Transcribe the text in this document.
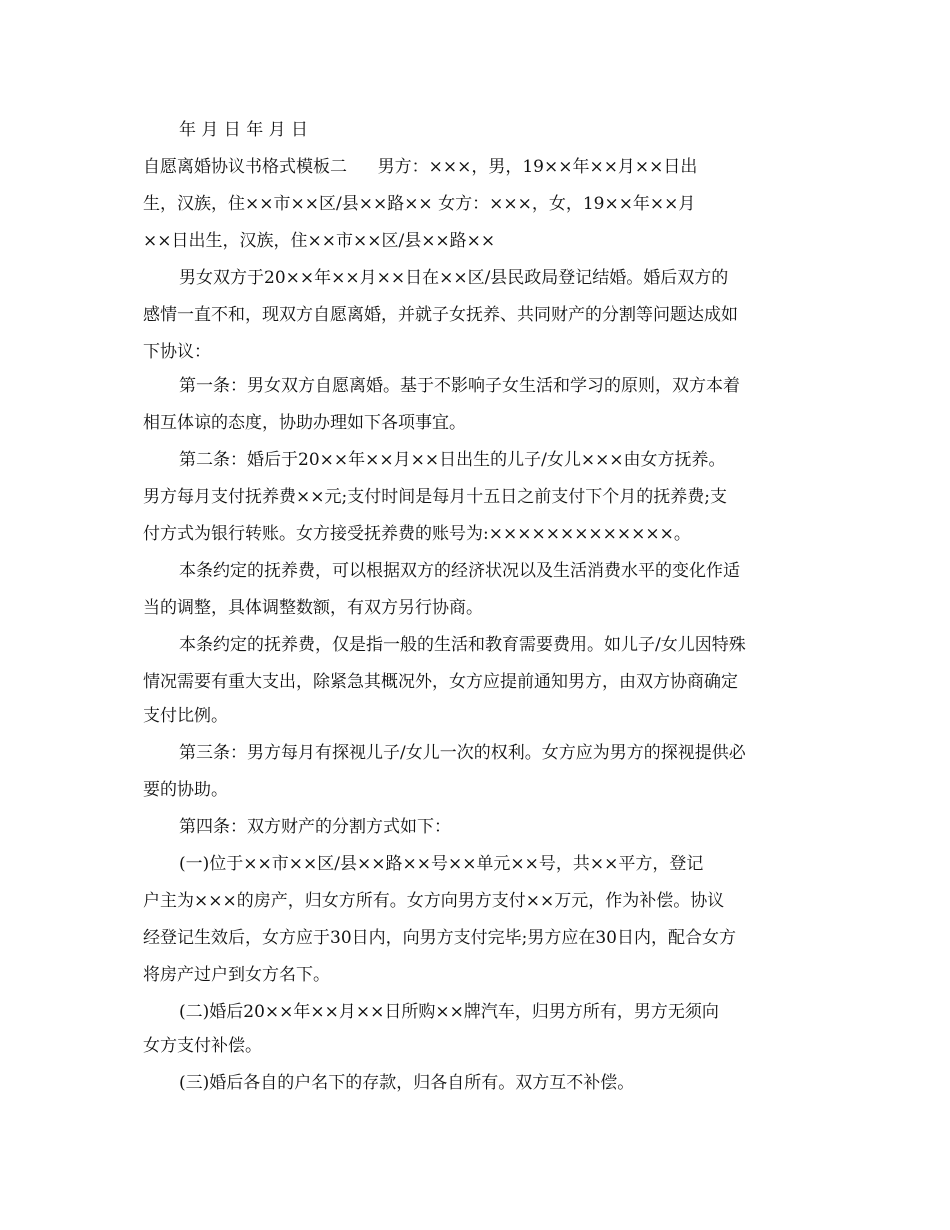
年 月 日 年 月 日
自愿离婚协议书格式模板二 男方：×××，男，19××年××月××日出
生，汉族，住××市××区/县××路×× 女方：×××，女，19××年××月
××日出生，汉族，住××市××区/县××路××
男女双方于20××年××月××日在××区/县民政局登记结婚。婚后双方的
感情一直不和，现双方自愿离婚，并就子女抚养、共同财产的分割等问题达成如
下协议：
第一条：男女双方自愿离婚。基于不影响子女生活和学习的原则，双方本着
相互体谅的态度，协助办理如下各项事宜。
第二条：婚后于20××年××月××日出生的儿子/女儿×××由女方抚养。
男方每月支付抚养费××元;支付时间是每月十五日之前支付下个月的抚养费;支
付方式为银行转账。女方接受抚养费的账号为:×××××××××××××。
本条约定的抚养费，可以根据双方的经济状况以及生活消费水平的变化作适
当的调整，具体调整数额，有双方另行协商。
本条约定的抚养费，仅是指一般的生活和教育需要费用。如儿子/女儿因特殊
情况需要有重大支出，除紧急其概况外，女方应提前通知男方，由双方协商确定
支付比例。
第三条：男方每月有探视儿子/女儿一次的权利。女方应为男方的探视提供必
要的协助。
第四条：双方财产的分割方式如下：
(一)位于××市××区/县××路××号××单元××号，共××平方，登记
户主为×××的房产，归女方所有。女方向男方支付××万元，作为补偿。协议
经登记生效后，女方应于30日内，向男方支付完毕;男方应在30日内，配合女方
将房产过户到女方名下。
(二)婚后20××年××月××日所购××牌汽车，归男方所有，男方无须向
女方支付补偿。
(三)婚后各自的户名下的存款，归各自所有。双方互不补偿。
